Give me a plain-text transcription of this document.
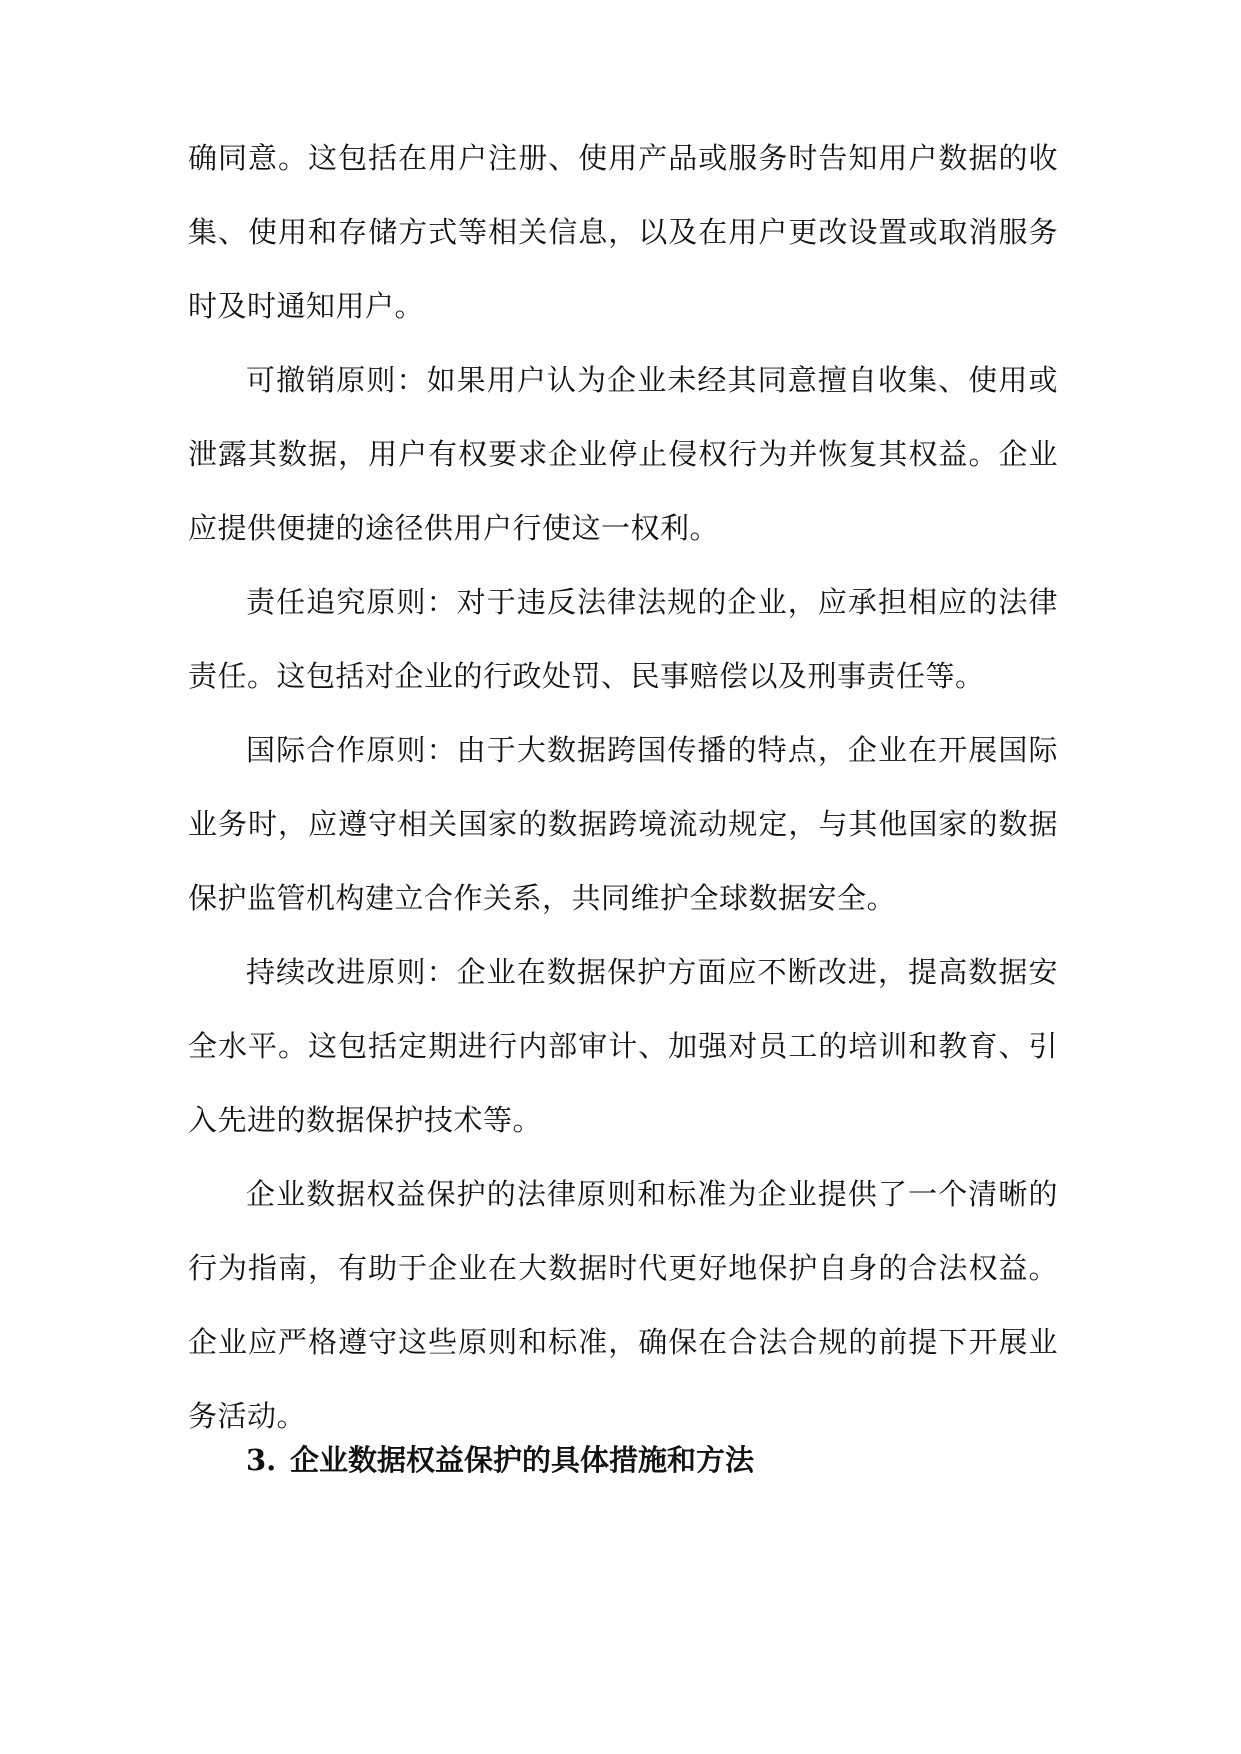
确同意。这包括在用户注册、使用产品或服务时告知用户数据的收集、使用和存储方式等相关信息，以及在用户更改设置或取消服务时及时通知用户。

可撤销原则：如果用户认为企业未经其同意擅自收集、使用或泄露其数据，用户有权要求企业停止侵权行为并恢复其权益。企业应提供便捷的途径供用户行使这一权利。

责任追究原则：对于违反法律法规的企业，应承担相应的法律责任。这包括对企业的行政处罚、民事赔偿以及刑事责任等。

国际合作原则：由于大数据跨国传播的特点，企业在开展国际业务时，应遵守相关国家的数据跨境流动规定，与其他国家的数据保护监管机构建立合作关系，共同维护全球数据安全。

持续改进原则：企业在数据保护方面应不断改进，提高数据安全水平。这包括定期进行内部审计、加强对员工的培训和教育、引入先进的数据保护技术等。

企业数据权益保护的法律原则和标准为企业提供了一个清晰的行为指南，有助于企业在大数据时代更好地保护自身的合法权益。企业应严格遵守这些原则和标准，确保在合法合规的前提下开展业务活动。

3. 企业数据权益保护的具体措施和方法
